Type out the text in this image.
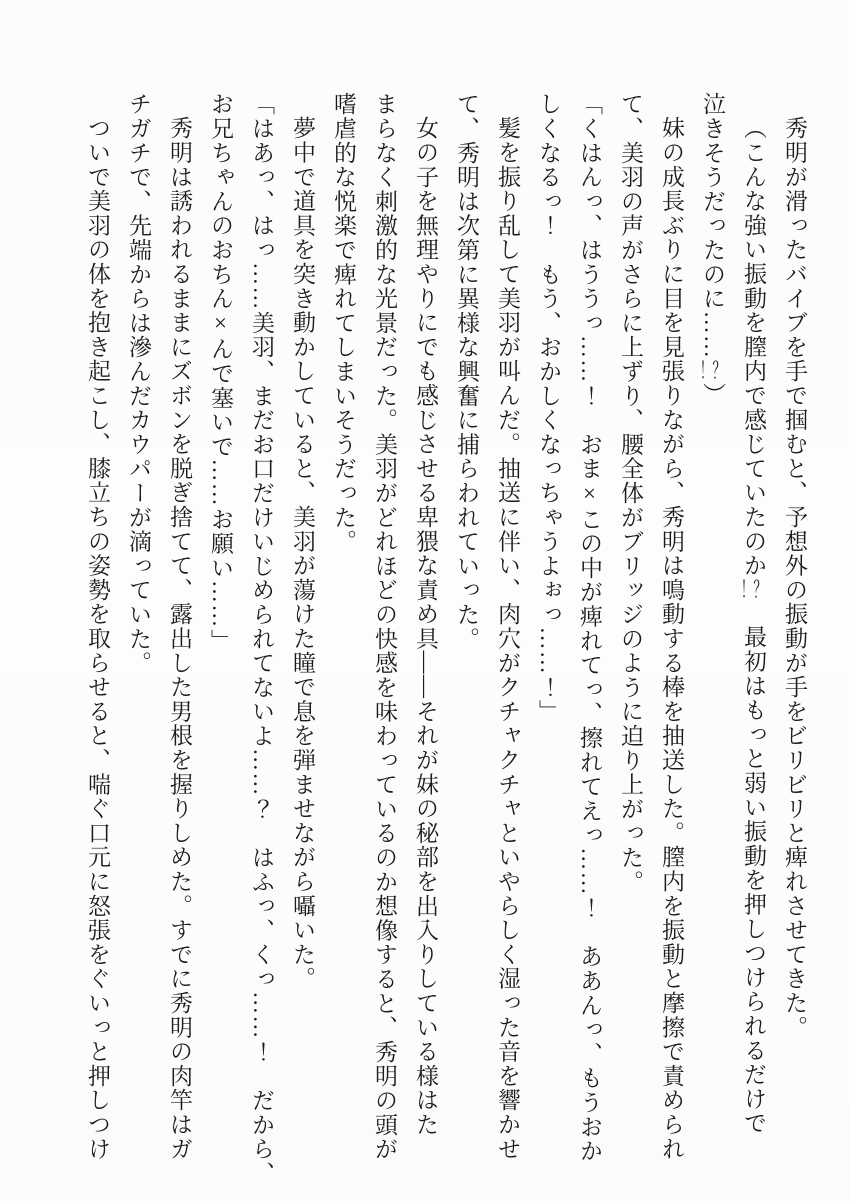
秀明が滑ったバイブを手で掴むと、予想外の振動が手をビリビリと痺れさせてきた。
（こんな強い振動を膣内で感じていたのか！？　最初はもっと弱い振動を押しつけられるだけで
泣きそうだったのに……！？）
妹の成長ぶりに目を見張りながら、秀明は鳴動する棒を抽送した。膣内を振動と摩擦で責められ
て、美羽の声がさらに上ずり、腰全体がブリッジのように迫り上がった。
「くはんっ、はううっ……！　おま×この中が痺れてっ、擦れてえっ……！　ああんっ、もうおか
しくなるっ！　もう、おかしくなっちゃうよぉっ……！」
髪を振り乱して美羽が叫んだ。抽送に伴い、肉穴がクチャクチャといやらしく湿った音を響かせ
て、秀明は次第に異様な興奮に捕らわれていった。
女の子を無理やりにでも感じさせる卑猥な責め具――それが妹の秘部を出入りしている様はた
まらなく刺激的な光景だった。美羽がどれほどの快感を味わっているのか想像すると、秀明の頭が
嗜虐的な悦楽で痺れてしまいそうだった。
夢中で道具を突き動かしていると、美羽が蕩けた瞳で息を弾ませながら囁いた。
「はあっ、はっ……美羽、まだお口だけいじめられてないよ……？　はふっ、くっ……！　だから、
お兄ちゃんのおちん×んで塞いで……お願い……」
秀明は誘われるままにズボンを脱ぎ捨てて、露出した男根を握りしめた。すでに秀明の肉竿はガ
チガチで、先端からは滲んだカウパーが滴っていた。
ついで美羽の体を抱き起こし、膝立ちの姿勢を取らせると、喘ぐ口元に怒張をぐいっと押しつけ
